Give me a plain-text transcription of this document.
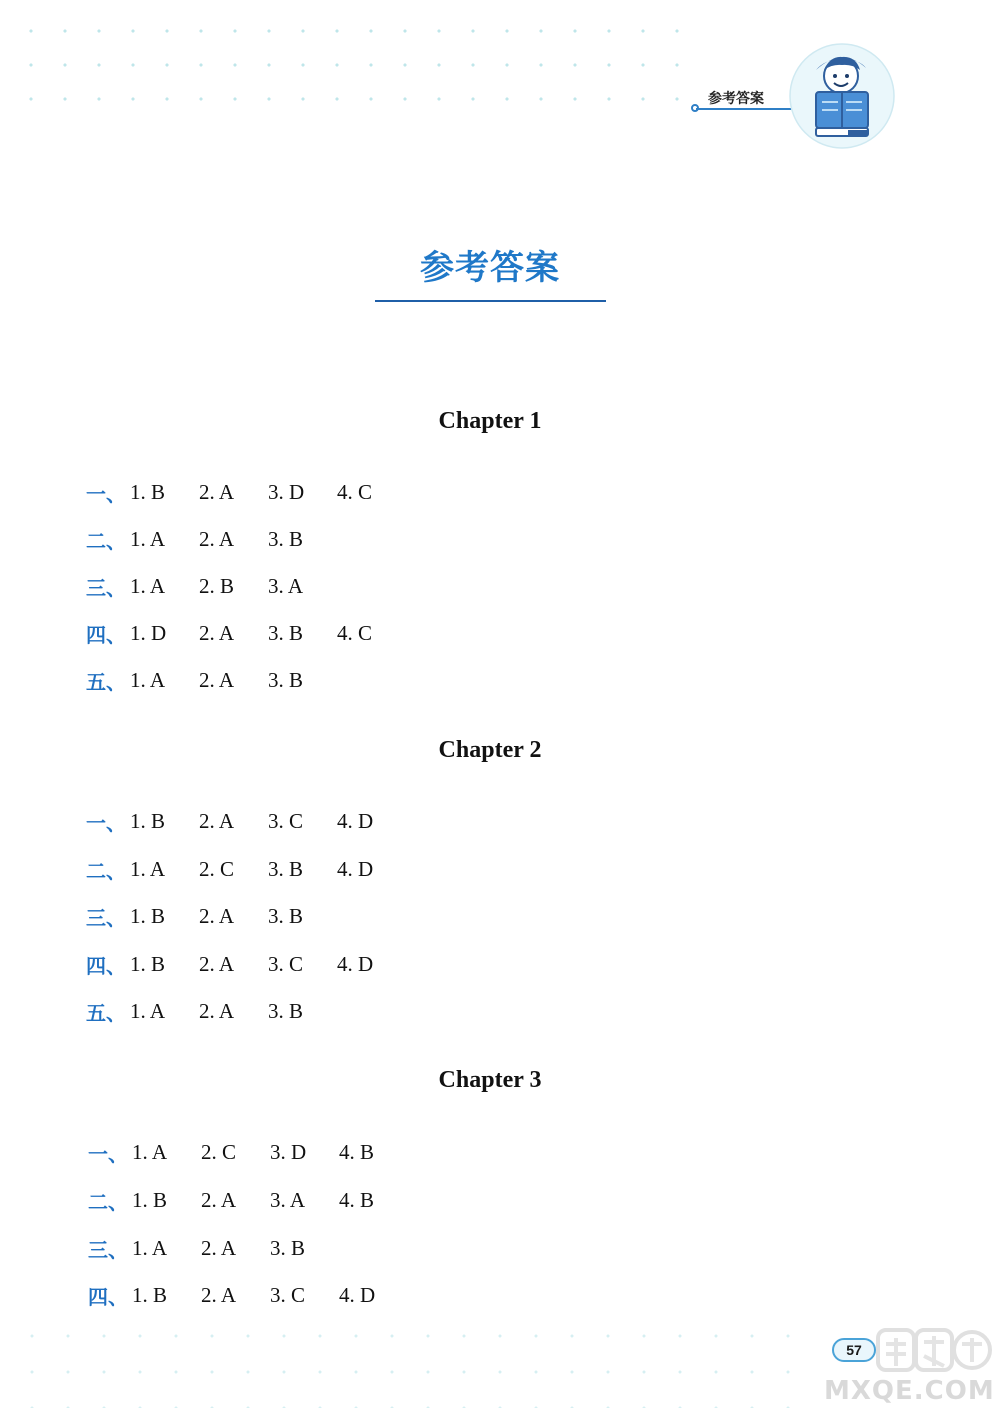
参考答案
参考答案
Chapter 1
一、 1. B	2. A	3. D	4. C
二、 1. A	2. A	3. B
三、 1. A	2. B	3. A
四、 1. D	2. A	3. B	4. C
五、 1. A	2. A	3. B
Chapter 2
一、 1. B	2. A	3. C	4. D
二、 1. A	2. C	3. B	4. D
三、 1. B	2. A	3. B
四、 1. B	2. A	3. C	4. D
五、 1. A	2. A	3. B
Chapter 3
一、 1. A	2. C	3. D	4. B
二、 1. B	2. A	3. A	4. B
三、 1. A	2. A	3. B
四、 1. B	2. A	3. C	4. D
57
MXQE.COM
